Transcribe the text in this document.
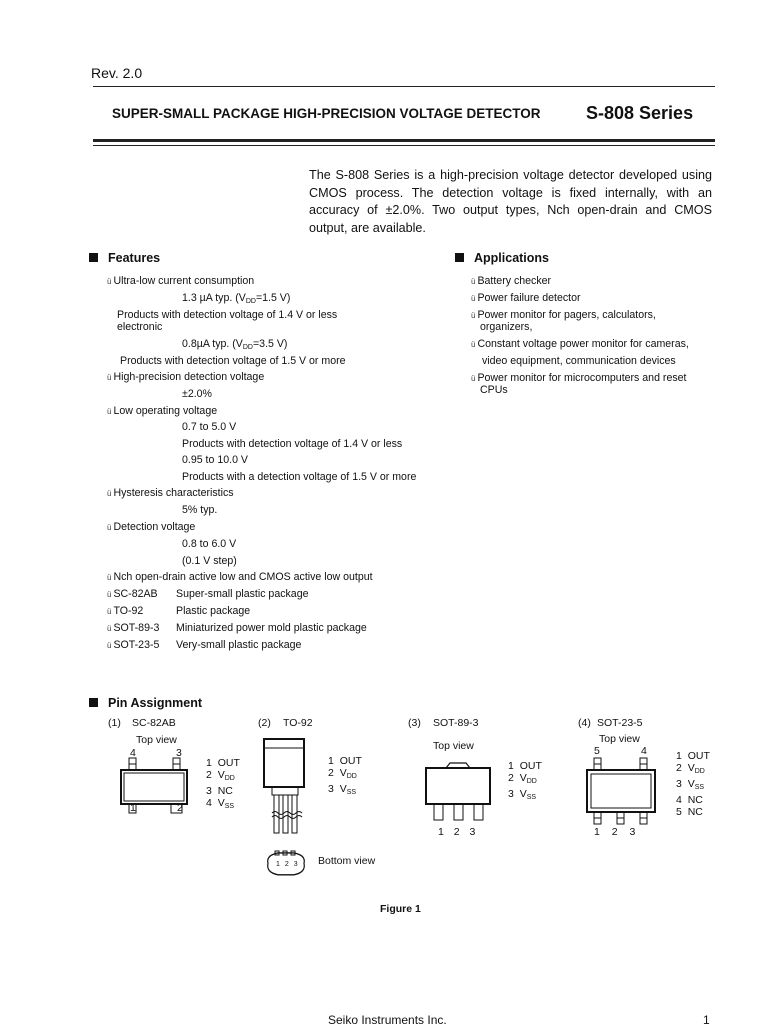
Rev. 2.0
SUPER-SMALL PACKAGE HIGH-PRECISION VOLTAGE DETECTOR	S-808 Series
The S-808 Series is a high-precision voltage detector developed using CMOS process. The detection voltage is fixed internally, with an accuracy of ±2.0%. Two output types, Nch open-drain and CMOS output, are available.
Features
ü Ultra-low current consumption
1.3 µA typ. ($V_{DD}=1.5$ V)
Products with detection voltage of 1.4 V or less
electronic
0.8µA typ. ($V_{DD}=3.5$ V)
Products with detection voltage of 1.5 V or more
ü High-precision detection voltage
±2.0%
ü Low operating voltage
0.7 to 5.0 V
Products with detection voltage of 1.4 V or less
0.95 to 10.0 V
Products with a detection voltage of 1.5 V or more
ü Hysteresis characteristics
5% typ.
ü Detection voltage
0.8 to 6.0 V
(0.1 V step)
ü Nch open-drain active low and CMOS active low output
ü SC-82AB Super-small plastic package
ü TO-92	Plastic package
ü SOT-89-3 Miniaturized power mold plastic package
ü SOT-23-5 Very-small plastic package
Applications
ü Battery checker
ü Power failure detector
ü Power monitor for pagers, calculators,
organizers,
ü Constant voltage power monitor for cameras,
video equipment, communication devices
ü Power monitor for microcomputers and reset
CPUs
Pin Assignment
(1) SC-82AB
Top view
4	3
1	2
1 OUT
2 $V_{DD}$
3 NC
4 $V_{SS}$
(2) TO-92
1 2 3 Bottom view
1 OUT
2 $V_{DD}$
3 $V_{SS}$
(3) SOT-89-3
Top view
1 2 3
1 OUT
2 $V_{DD}$
3 $V_{SS}$
(4) SOT-23-5
Top view
5	4
1 2 3
1 OUT
2 $V_{DD}$
3 $V_{SS}$
4 NC
5 NC
Figure 1
Seiko Instruments Inc.	1
